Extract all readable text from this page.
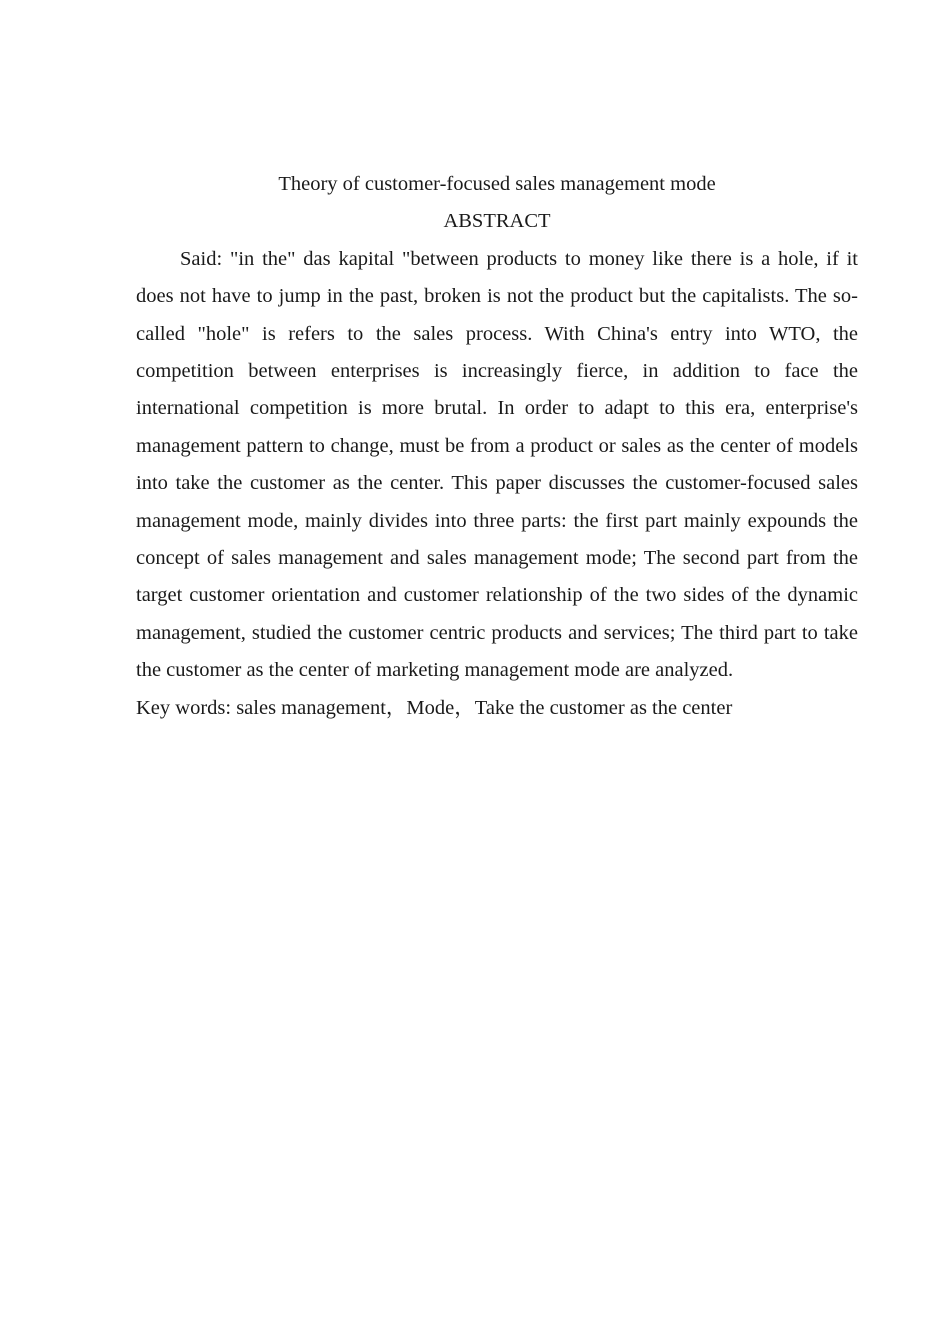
Theory of customer-focused sales management mode
ABSTRACT

Said: "in the" das kapital "between products to money like there is a hole, if it does not have to jump in the past, broken is not the product but the capitalists. The so-called "hole" is refers to the sales process. With China's entry into WTO, the competition between enterprises is increasingly fierce, in addition to face the international competition is more brutal. In order to adapt to this era, enterprise's management pattern to change, must be from a product or sales as the center of models into take the customer as the center. This paper discusses the customer-focused sales management mode, mainly divides into three parts: the first part mainly expounds the concept of sales management and sales management mode; The second part from the target customer orientation and customer relationship of the two sides of the dynamic management, studied the customer centric products and services; The third part to take the customer as the center of marketing management mode are analyzed.

Key words: sales management，Mode，Take the customer as the center
